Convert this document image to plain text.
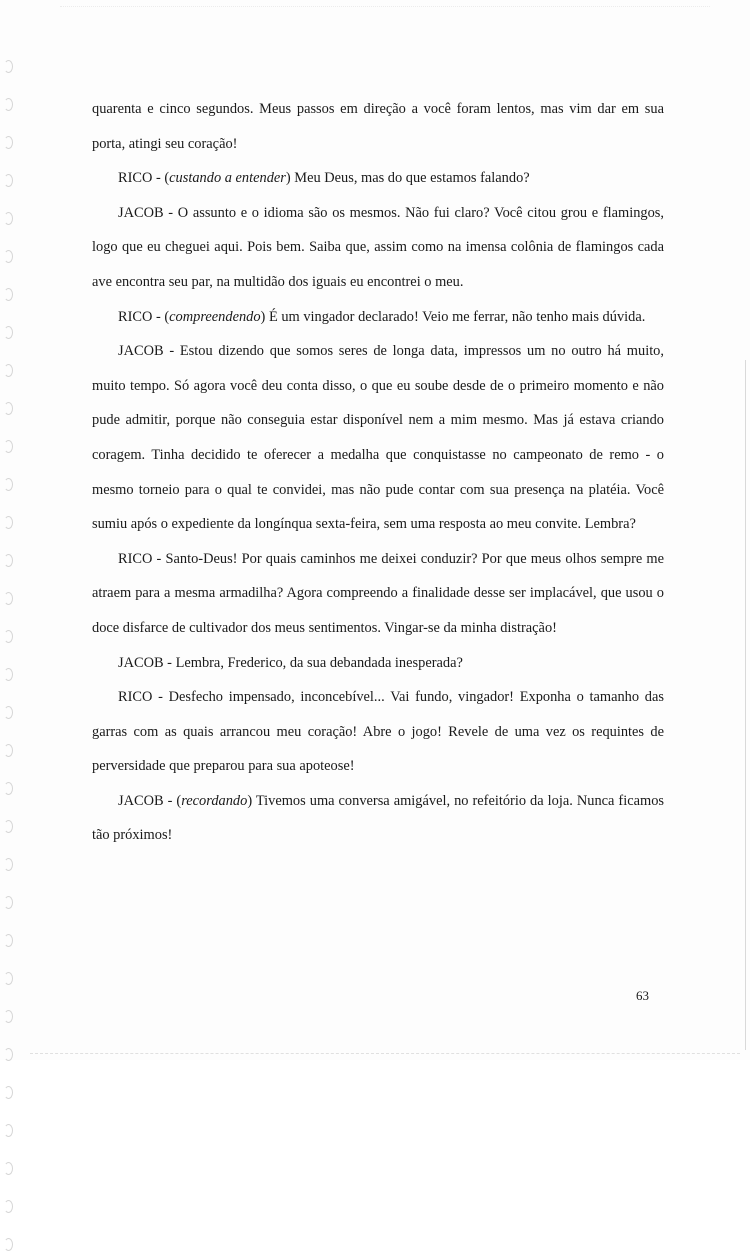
quarenta e cinco segundos. Meus passos em direção a você foram lentos, mas vim dar em sua porta, atingi seu coração!

RICO - (custando a entender) Meu Deus, mas do que estamos falando?

JACOB - O assunto e o idioma são os mesmos. Não fui claro? Você citou grou e flamingos, logo que eu cheguei aqui. Pois bem. Saiba que, assim como na imensa colônia de flamingos cada ave encontra seu par, na multidão dos iguais eu encontrei o meu.

RICO - (compreendendo) É um vingador declarado! Veio me ferrar, não tenho mais dúvida.

JACOB - Estou dizendo que somos seres de longa data, impressos um no outro há muito, muito tempo. Só agora você deu conta disso, o que eu soube desde de o primeiro momento e não pude admitir, porque não conseguia estar disponível nem a mim mesmo. Mas já estava criando coragem. Tinha decidido te oferecer a medalha que conquistasse no campeonato de remo - o mesmo torneio para o qual te convidei, mas não pude contar com sua presença na platéia. Você sumiu após o expediente da longínqua sexta-feira, sem uma resposta ao meu convite. Lembra?

RICO - Santo-Deus! Por quais caminhos me deixei conduzir? Por que meus olhos sempre me atraem para a mesma armadilha? Agora compreendo a finalidade desse ser implacável, que usou o doce disfarce de cultivador dos meus sentimentos. Vingar-se da minha distração!

JACOB - Lembra, Frederico, da sua debandada inesperada?

RICO - Desfecho impensado, inconcebível... Vai fundo, vingador! Exponha o tamanho das garras com as quais arrancou meu coração! Abre o jogo! Revele de uma vez os requintes de perversidade que preparou para sua apoteose!

JACOB - (recordando) Tivemos uma conversa amigável, no refeitório da loja. Nunca ficamos tão próximos!

63
